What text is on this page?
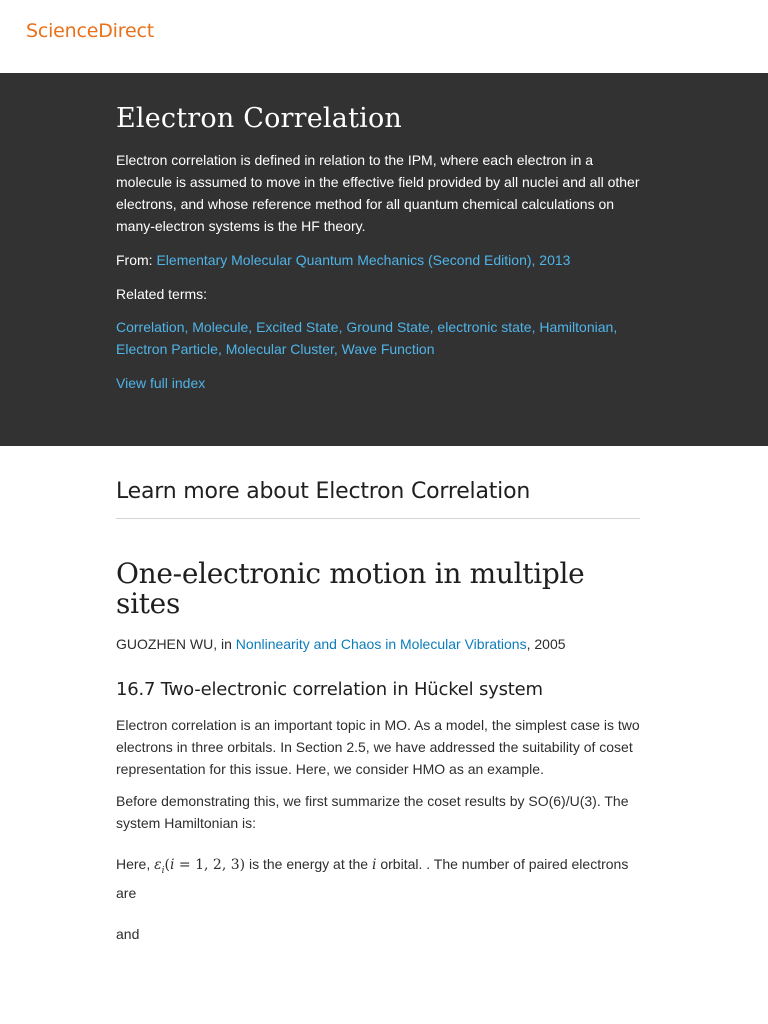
ScienceDirect
Electron Correlation

Electron correlation is defined in relation to the IPM, where each electron in a molecule is assumed to move in the effective field provided by all nuclei and all other electrons, and whose reference method for all quantum chemical calculations on many-electron systems is the HF theory.

From: Elementary Molecular Quantum Mechanics (Second Edition), 2013

Related terms:

Correlation, Molecule, Excited State, Ground State, electronic state, Hamiltonian, Electron Particle, Molecular Cluster, Wave Function

View full index

Learn more about Electron Correlation
One-electronic motion in multiple sites

GUOZHEN WU, in Nonlinearity and Chaos in Molecular Vibrations, 2005

16.7 Two-electronic correlation in Hückel system

Electron correlation is an important topic in MO. As a model, the simplest case is two electrons in three orbitals. In Section 2.5, we have addressed the suitability of coset representation for this issue. Here, we consider HMO as an example.

Before demonstrating this, we first summarize the coset results by SO(6)/U(3). The system Hamiltonian is:

Here, $\varepsilon_i(i = 1$, 2, 3) is the energy at the i orbital. . The number of paired electrons are

and
